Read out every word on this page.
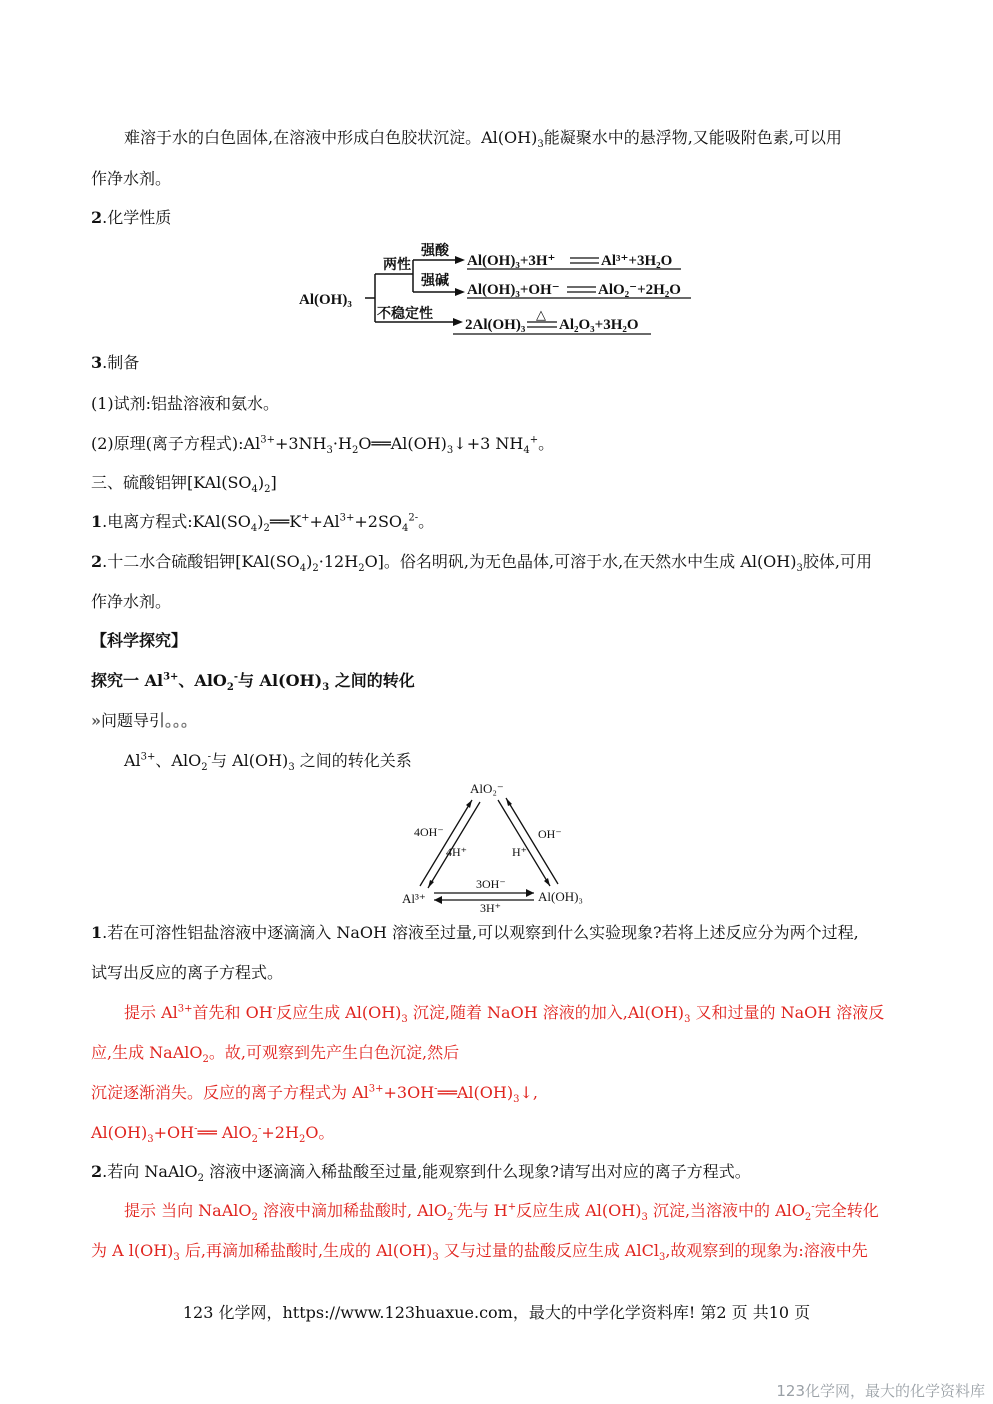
难溶于水的白色固体,在溶液中形成白色胶状沉淀。$Al(OH)_3$能凝聚水中的悬浮物,又能吸附色素,可以用
作净水剂。
2.化学性质
Al(OH)₃
两性
不稳定性
强酸
强碱
Al(OH)₃+3H⁺	Al³⁺+3H₂O
Al(OH)₃+OH⁻	AlO₂⁻+2H₂O
2Al(OH)₃
△
Al₂O₃+3H₂O
3.制备
(1)试剂:铝盐溶液和氨水。
(2)原理(离子方程式)$:Al^{3+}+3NH_3\cdot H_2O══Al(OH)_3↓+3$ $NH_4^+$。
三、硫酸铝钾$[KAl(SO_4)_2]$
1.电离方程式$:KAl(SO_4)_2══K^++Al^{3+}+2SO_4^{2-}$。
2.十二水合硫酸铝钾$[KAl(SO_4)_2\cdot 12H_2O]$。俗名明矾,为无色晶体,可溶于水,在天然水中生成 $Al(OH)_3$胶体,可用
作净水剂。
【科学探究】
探究一 $Al^{3+}$、AlO$_2$-与 $Al(OH)_3$ 之间的转化
»问题导引。。。
$Al^{3+}$、AlO$_2$-与 $Al(OH)_3$ 之间的转化关系
AlO₂⁻
Al³⁺	Al(OH)₃
4OH⁻
4H⁺
OH⁻
H⁺
3OH⁻
3H⁺
1.若在可溶性铝盐溶液中逐滴滴入 NaOH 溶液至过量,可以观察到什么实验现象?若将上述反应分为两个过程,
试写出反应的离子方程式。
提示 $Al^{3+}$首先和 OH-反应生成 $Al(OH)_3$ 沉淀,随着 NaOH 溶液的加入$,Al(OH)_3$ 又和过量的 NaOH 溶液反
应,生成 NaAlO$_2$。故,可观察到先产生白色沉淀,然后
沉淀逐渐消失。反应的离子方程式为 $Al^{3+}+3OH^-══Al(OH)_3↓$,
$Al(OH)_3+OH^-══$ $AlO_2^-+2H_2O$。
2.若向 NaAlO$_2$ 溶液中逐滴滴入稀盐酸至过量,能观察到什么现象?请写出对应的离子方程式。
提示 当向 NaAlO$_2$ 溶液中滴加稀盐酸时, AlO$_2$-先与 H+反应生成 $Al(OH)_3$ 沉淀,当溶液中的 AlO$_2$-完全转化
为 A $l(OH)_3$ 后,再滴加稀盐酸时,生成的 $Al(OH)_3$ 又与过量的盐酸反应生成 AlCl$_3$,故观察到的现象为:溶液中先
123 化学网，https://www.123huaxue.com，最大的中学化学资料库! 第2 页 共10 页
123化学网，最大的化学资料库
